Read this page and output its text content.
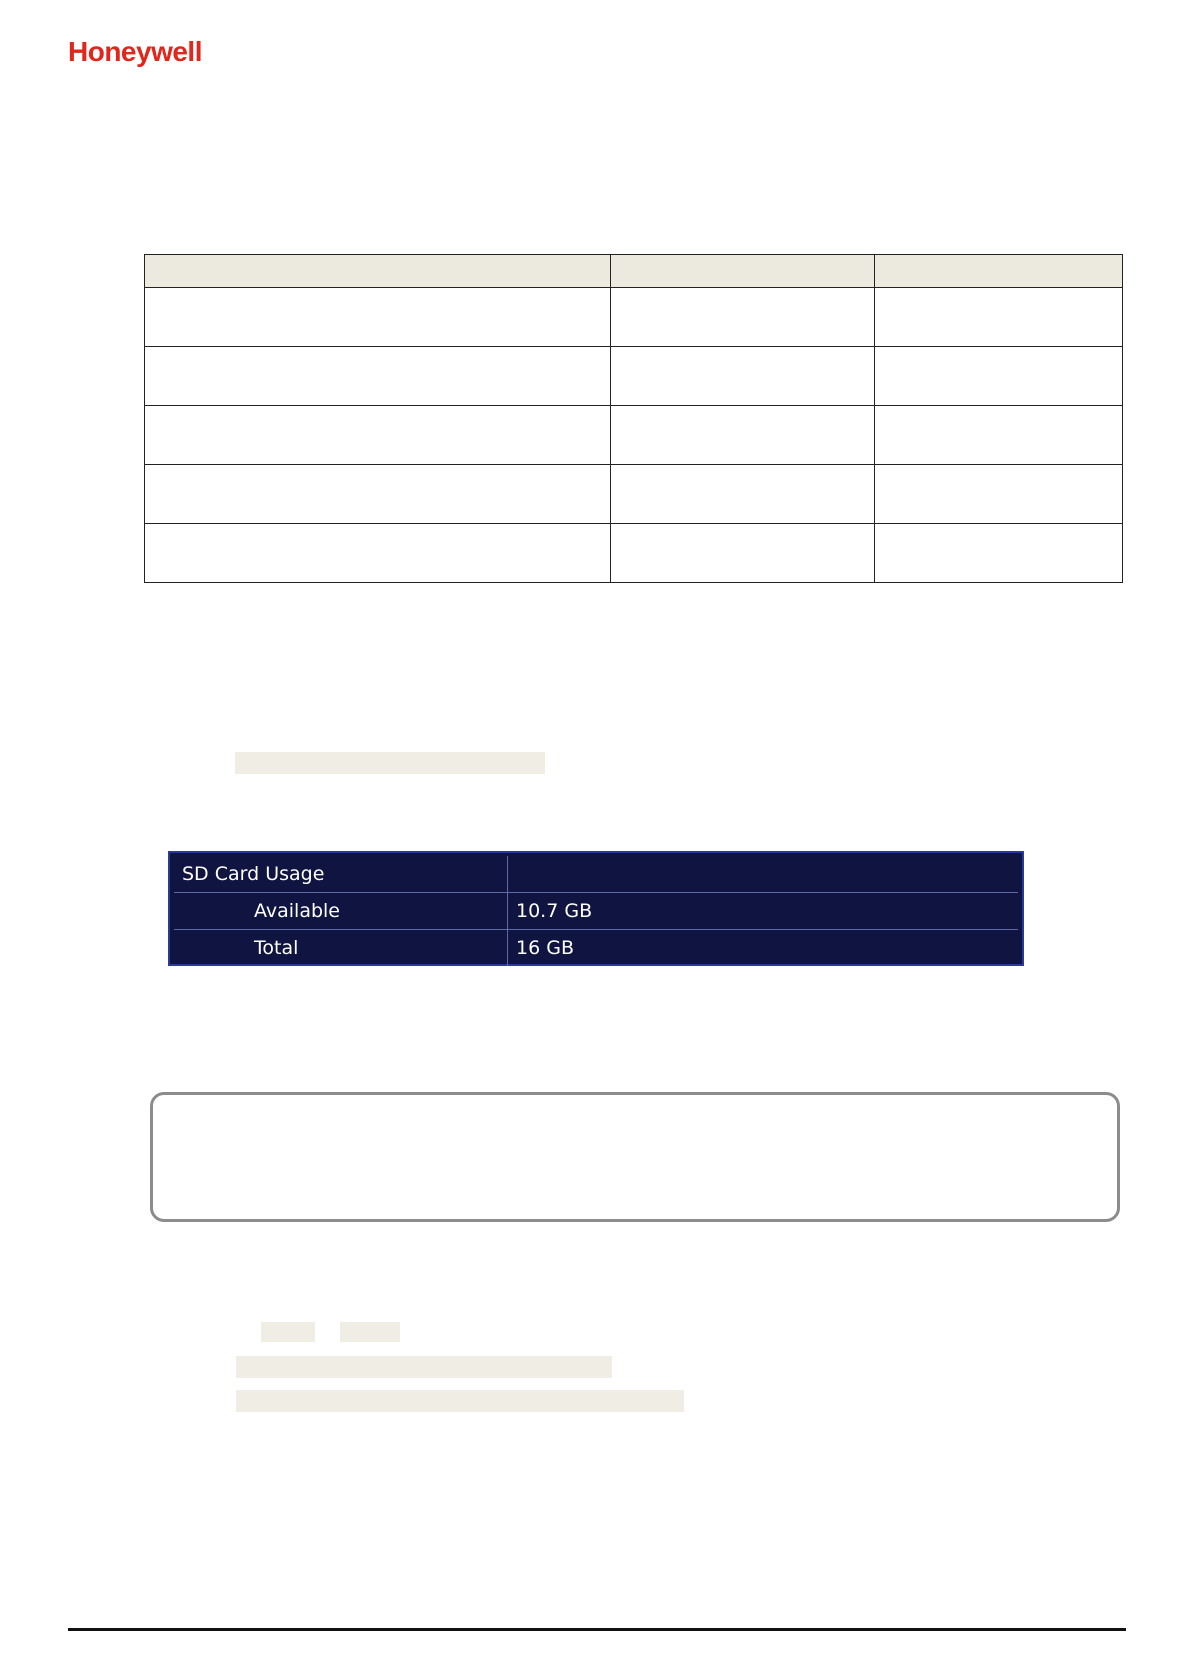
Honeywell

SD Card Usage	
Available	10.7 GB
Total	16 GB
